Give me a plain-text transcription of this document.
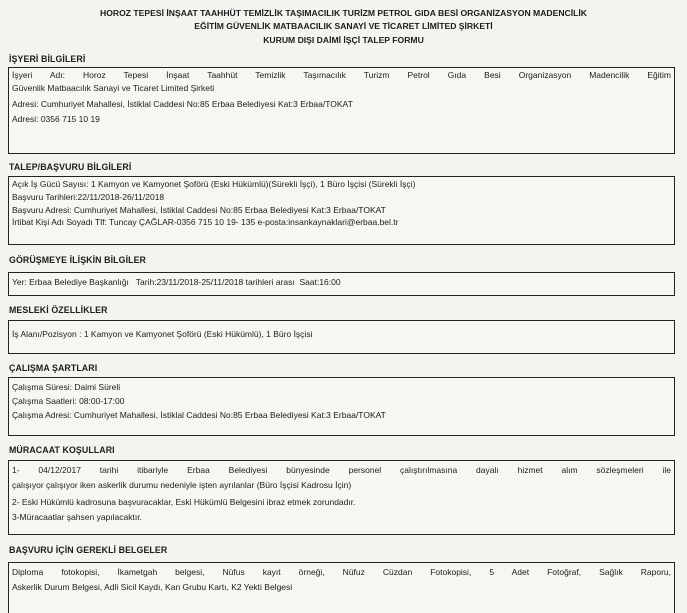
HOROZ TEPESİ İNŞAAT TAAHHÜT TEMİZLİK TAŞIMACILIK TURİZM PETROL GIDA BESİ ORGANİZASYON MADENCİLİK
EĞİTİM GÜVENLİK MATBAACILIK SANAYİ VE TİCARET LİMİTED ŞİRKETİ
KURUM DIŞI DAİMİ İŞÇİ TALEP FORMU
İŞYERİ BİLGİLERİ
İşyeri Adı: Horoz Tepesi İnşaat Taahhüt Temizlik Taşımacılık Turizm Petrol Gıda Besi Organizasyon Madencilik Eğitim
Güvenlik Matbaacılık Sanayi ve Ticaret Limited Şirketi
Adresi: Cumhuriyet Mahallesi, İstiklal Caddesi No:85 Erbaa Belediyesi Kat:3 Erbaa/TOKAT
Adresi: 0356 715 10 19
TALEP/BAŞVURU BİLGİLERİ
Açık İş Gücü Sayısı: 1 Kamyon ve Kamyonet Şoförü (Eski Hükümlü)(Sürekli İşçi), 1 Büro İşçisi (Sürekli İşçi)
Başvuru Tarihleri:22/11/2018-26/11/2018
Başvuru Adresi: Cumhuriyet Mahallesi, İstiklal Caddesi No:85 Erbaa Belediyesi Kat:3 Erbaa/TOKAT
İrtibat Kişi Adı Soyadı Tlf: Tuncay ÇAĞLAR-0356 715 10 19- 135 e-posta:insankaynaklari@erbaa.bel.tr
GÖRÜŞMEYE İLİŞKİN BİLGİLER
Yer: Erbaa Belediye Başkanlığı   Tarih:23/11/2018-25/11/2018 tarihleri arası  Saat:16:00
MESLEKİ ÖZELLİKLER
İş Alanı/Pozisyon : 1 Kamyon ve Kamyonet Şoförü (Eski Hükümlü), 1 Büro İşçisi
ÇALIŞMA ŞARTLARI
Çalışma Süresi: Daimi Süreli
Çalışma Saatleri: 08:00-17:00
Çalışma Adresi: Cumhuriyet Mahallesi, İstiklal Caddesi No:85 Erbaa Belediyesi Kat:3 Erbaa/TOKAT
MÜRACAAT KOŞULLARI
1- 04/12/2017 tarihi itibariyle Erbaa Belediyesi bünyesinde personel çalıştırılmasına dayalı hizmet alım sözleşmeleri ile
çalışıyor çalışıyor iken askerlik durumu nedeniyle işten ayrılanlar (Büro İşçisi Kadrosu İçin)
2- Eski Hükümlü kadrosuna başvuracaklar, Eski Hükümlü Belgesini ibraz etmek zorundadır.
3-Müracaatlar şahsen yapılacaktır.
BAŞVURU İÇİN GEREKLİ BELGELER
Diploma fotokopisi, İkametgah belgesi, Nüfus kayıt örneği, Nüfuz Cüzdan Fotokopisi, 5 Adet Fotoğraf, Sağlık Raporu,
Askerlik Durum Belgesi, Adli Sicil Kaydı, Kan Grubu Kartı, K2 Yekti Belgesi
